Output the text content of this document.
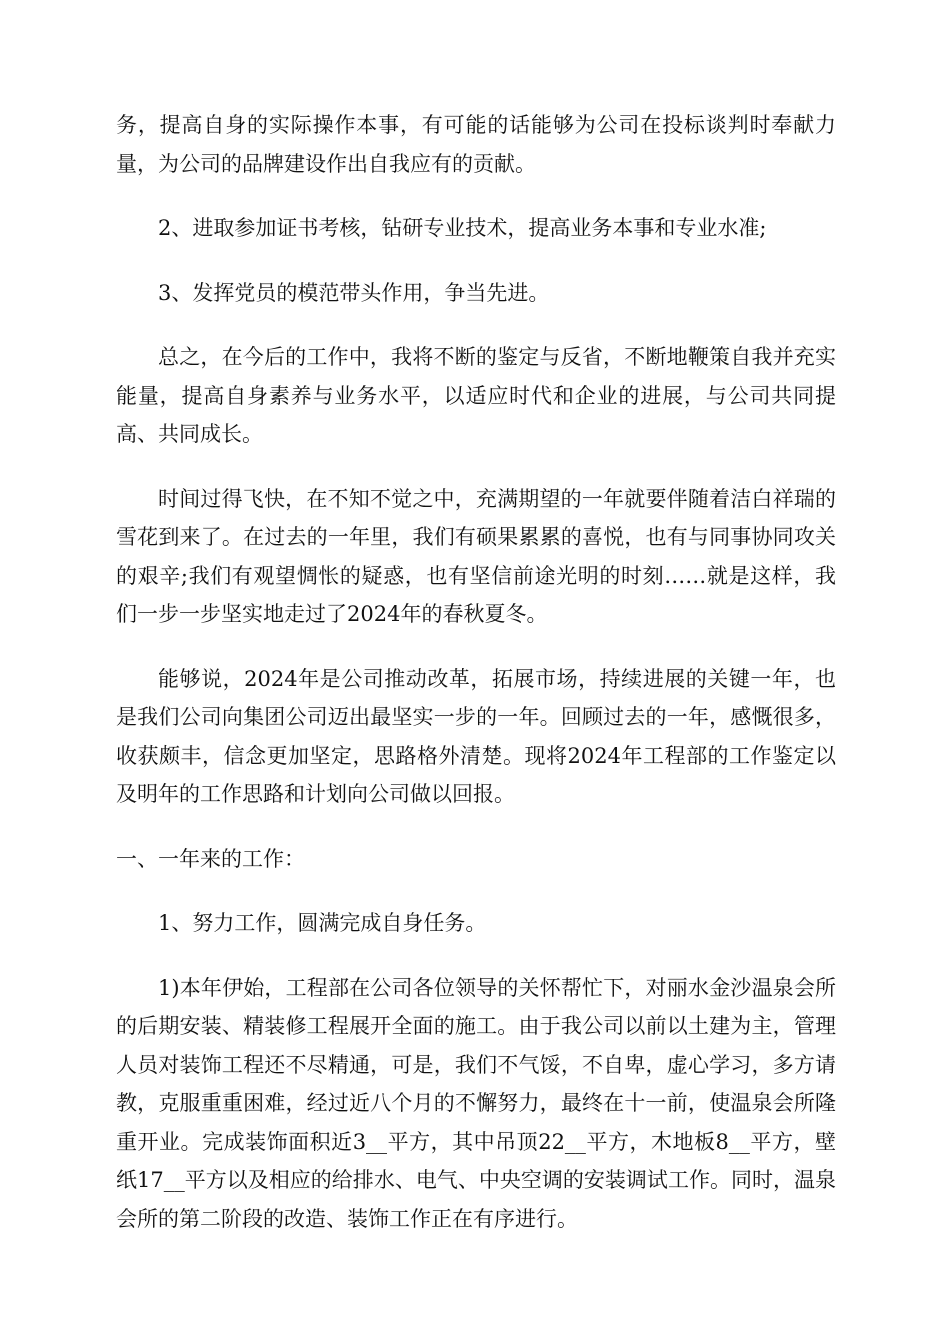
务，提高自身的实际操作本事，有可能的话能够为公司在投标谈判时奉献力量，为公司的品牌建设作出自我应有的贡献。

2、进取参加证书考核，钻研专业技术，提高业务本事和专业水准;

3、发挥党员的模范带头作用，争当先进。

总之，在今后的工作中，我将不断的鉴定与反省，不断地鞭策自我并充实能量，提高自身素养与业务水平，以适应时代和企业的进展，与公司共同提高、共同成长。

时间过得飞快，在不知不觉之中，充满期望的一年就要伴随着洁白祥瑞的雪花到来了。在过去的一年里，我们有硕果累累的喜悦，也有与同事协同攻关的艰辛;我们有观望惆怅的疑惑，也有坚信前途光明的时刻……就是这样，我们一步一步坚实地走过了2024年的春秋夏冬。

能够说，2024年是公司推动改革，拓展市场，持续进展的关键一年，也是我们公司向集团公司迈出最坚实一步的一年。回顾过去的一年，感慨很多，收获颇丰，信念更加坚定，思路格外清楚。现将2024年工程部的工作鉴定以及明年的工作思路和计划向公司做以回报。

一、一年来的工作：

1、努力工作，圆满完成自身任务。

1)本年伊始，工程部在公司各位领导的关怀帮忙下，对丽水金沙温泉会所的后期安装、精装修工程展开全面的施工。由于我公司以前以土建为主，管理人员对装饰工程还不尽精通，可是，我们不气馁，不自卑，虚心学习，多方请教，克服重重困难，经过近八个月的不懈努力，最终在十一前，使温泉会所隆重开业。完成装饰面积近3__平方，其中吊顶22__平方，木地板8__平方，壁纸17__平方以及相应的给排水、电气、中央空调的安装调试工作。同时，温泉会所的第二阶段的改造、装饰工作正在有序进行。
